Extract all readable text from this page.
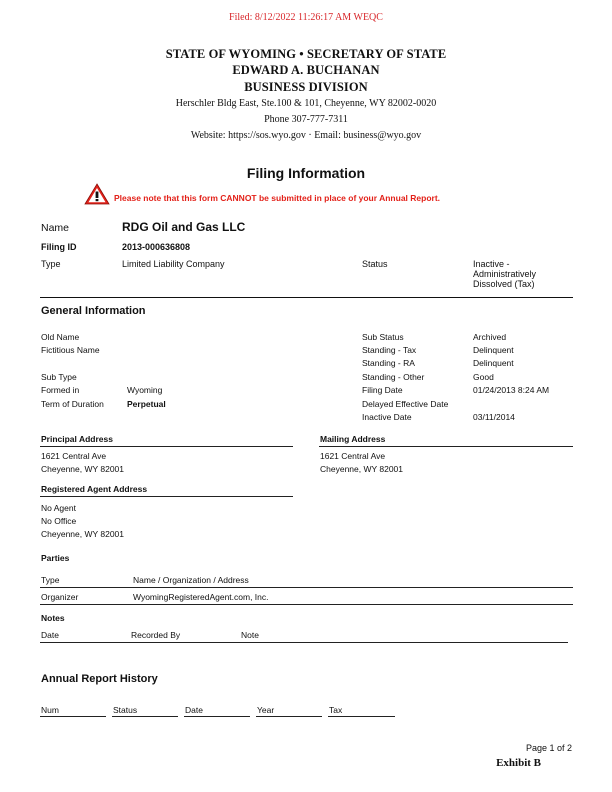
Filed: 8/12/2022 11:26:17 AM WEQC
STATE OF WYOMING • SECRETARY OF STATE
EDWARD A. BUCHANAN
BUSINESS DIVISION
Herschler Bldg East, Ste.100 & 101, Cheyenne, WY 82002-0020
Phone 307-777-7311
Website: https://sos.wyo.gov · Email: business@wyo.gov
Filing Information
Please note that this form CANNOT be submitted in place of your Annual Report.
Name	RDG Oil and Gas LLC
Filing ID	2013-000636808
Type	Limited Liability Company	Status	Inactive -
Administratively
Dissolved (Tax)
General Information
Old Name
Fictitious Name
Sub Type
Formed in	Wyoming
Term of Duration	Perpetual
Sub Status	Archived
Standing - Tax	Delinquent
Standing - RA	Delinquent
Standing - Other	Good
Filing Date	01/24/2013 8:24 AM
Delayed Effective Date
Inactive Date	03/11/2014
Principal Address
1621 Central Ave
Cheyenne, WY 82001
Mailing Address
1621 Central Ave
Cheyenne, WY 82001
Registered Agent Address
No Agent
No Office
Cheyenne, WY 82001
Parties
Type	Name / Organization / Address
Organizer	WyomingRegisteredAgent.com, Inc.
Notes
Date	Recorded By	Note
Annual Report History
Num	Status	Date	Year	Tax
Page 1 of 2
Exhibit B
